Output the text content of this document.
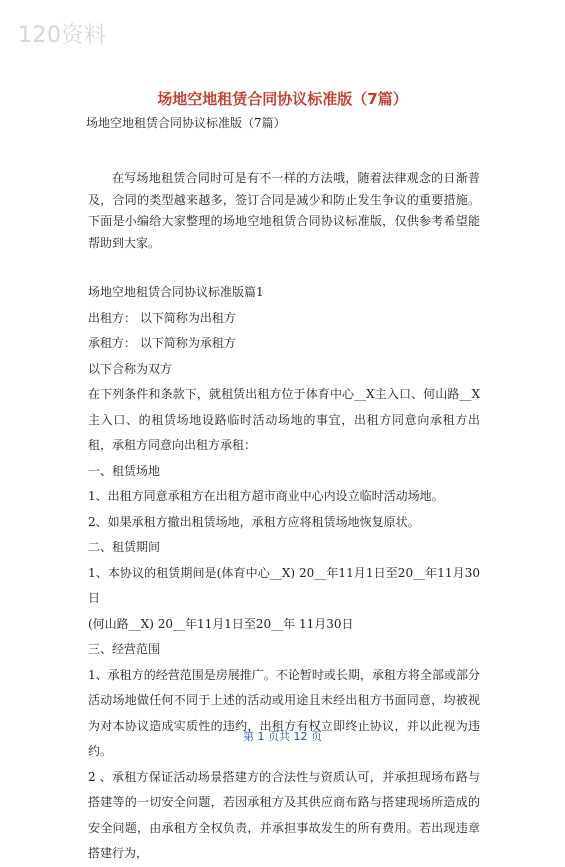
120资料
场地空地租赁合同协议标准版（7篇）

场地空地租赁合同协议标准版（7篇）

在写场地租赁合同时可是有不一样的方法哦，随着法律观念的日渐普及，合同的类型越来越多，签订合同是减少和防止发生争议的重要措施。下面是小编给大家整理的场地空地租赁合同协议标准版，仅供参考希望能帮助到大家。

场地空地租赁合同协议标准版篇1

出租方： 以下简称为出租方

承租方： 以下简称为承租方

以下合称为双方

在下列条件和条款下，就租赁出租方位于体育中心__X主入口、何山路__X主入口、的租赁场地设路临时活动场地的事宜，出租方同意向承租方出租，承租方同意向出租方承租：

一、租赁场地

1、出租方同意承租方在出租方超市商业中心内设立临时活动场地。

2、如果承租方撤出租赁场地，承租方应将租赁场地恢复原状。

二、租赁期间

1、本协议的租赁期间是(体育中心__X) 20__年11月1日至20__年11月30日

(何山路__X) 20__年11月1日至20__年 11月30日

三、经营范围

1、承租方的经营范围是房展推广。不论暂时或长期，承租方将全部或部分活动场地做任何不同于上述的活动或用途且未经出租方书面同意，均被视为对本协议造成实质性的违约，出租方有权立即终止协议，并以此视为违约。

2 、承租方保证活动场景搭建方的合法性与资质认可，并承担现场布路与搭建等的一切安全问题，若因承租方及其供应商布路与搭建现场所造成的安全问题，由承租方全权负责，并承担事故发生的所有费用。若出现违章搭建行为，

第 1 页共 12 页
